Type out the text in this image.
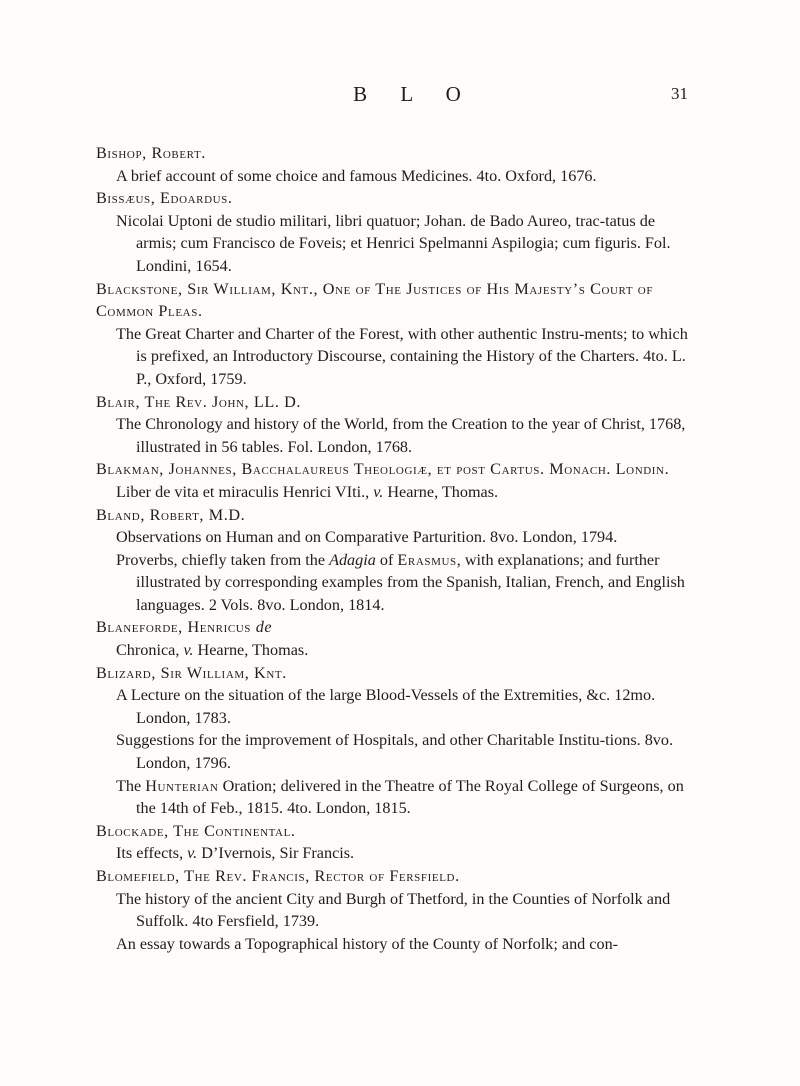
B L O	31

Bishop, Robert.

A brief account of some choice and famous Medicines. 4to. Oxford, 1676.

Bissæus, Edoardus.

Nicolai Uptoni de studio militari, libri quatuor; Johan. de Bado Aureo, trac-tatus de armis; cum Francisco de Foveis; et Henrici Spelmanni Aspilogia; cum figuris. Fol. Londini, 1654.

Blackstone, Sir William, Knt., One of The Justices of His Majesty’s Court of Common Pleas.

The Great Charter and Charter of the Forest, with other authentic Instru-ments; to which is prefixed, an Introductory Discourse, containing the History of the Charters. 4to. L. P., Oxford, 1759.

Blair, The Rev. John, LL. D.

The Chronology and history of the World, from the Creation to the year of Christ, 1768, illustrated in 56 tables. Fol. London, 1768.

Blakman, Johannes, Bacchalaureus Theologiæ, et post Cartus. Monach. Londin.

Liber de vita et miraculis Henrici VIti., v. Hearne, Thomas.

Bland, Robert, M.D.

Observations on Human and on Comparative Parturition. 8vo. London, 1794.

Proverbs, chiefly taken from the Adagia of Erasmus, with explanations; and further illustrated by corresponding examples from the Spanish, Italian, French, and English languages. 2 Vols. 8vo. London, 1814.

Blaneforde, Henricus de

Chronica, v. Hearne, Thomas.

Blizard, Sir William, Knt.

A Lecture on the situation of the large Blood-Vessels of the Extremities, &c. 12mo. London, 1783.

Suggestions for the improvement of Hospitals, and other Charitable Institu-tions. 8vo. London, 1796.

The Hunterian Oration; delivered in the Theatre of The Royal College of Surgeons, on the 14th of Feb., 1815. 4to. London, 1815.

Blockade, The Continental.

Its effects, v. D’Ivernois, Sir Francis.

Blomefield, The Rev. Francis, Rector of Fersfield.

The history of the ancient City and Burgh of Thetford, in the Counties of Norfolk and Suffolk. 4to Fersfield, 1739.

An essay towards a Topographical history of the County of Norfolk; and con-
